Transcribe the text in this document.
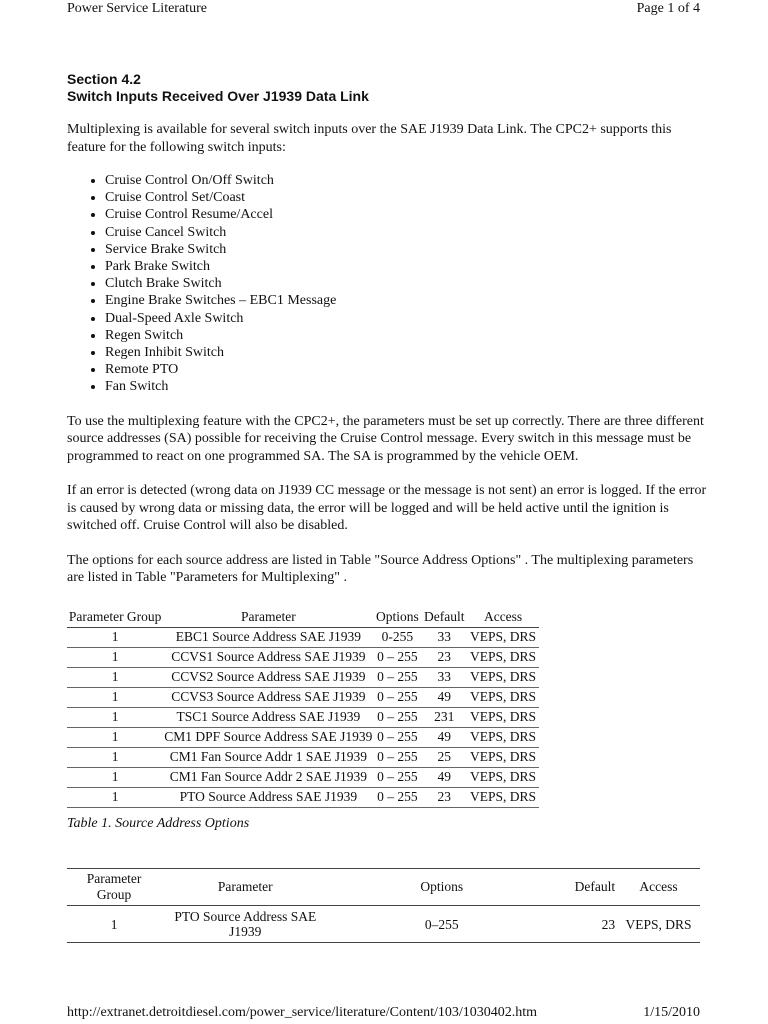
Power Service Literature	Page 1 of 4
Section 4.2
Switch Inputs Received Over J1939 Data Link

Multiplexing is available for several switch inputs over the SAE J1939 Data Link. The CPC2+ supports this feature for the following switch inputs:

• Cruise Control On/Off Switch
• Cruise Control Set/Coast
• Cruise Control Resume/Accel
• Cruise Cancel Switch
• Service Brake Switch
• Park Brake Switch
• Clutch Brake Switch
• Engine Brake Switches – EBC1 Message
• Dual-Speed Axle Switch
• Regen Switch
• Regen Inhibit Switch
• Remote PTO
• Fan Switch

To use the multiplexing feature with the CPC2+, the parameters must be set up correctly. There are three different source addresses (SA) possible for receiving the Cruise Control message. Every switch in this message must be programmed to react on one programmed SA. The SA is programmed by the vehicle OEM.

If an error is detected (wrong data on J1939 CC message or the message is not sent) an error is logged. If the error is caused by wrong data or missing data, the error will be logged and will be held active until the ignition is switched off. Cruise Control will also be disabled.

The options for each source address are listed in Table "Source Address Options" . The multiplexing parameters are listed in Table "Parameters for Multiplexing" .

Parameter Group	Parameter	Options	Default	Access
1	EBC1 Source Address SAE J1939	0-255	33	VEPS, DRS
1	CCVS1 Source Address SAE J1939	0 – 255	23	VEPS, DRS
1	CCVS2 Source Address SAE J1939	0 – 255	33	VEPS, DRS
1	CCVS3 Source Address SAE J1939	0 – 255	49	VEPS, DRS
1	TSC1 Source Address SAE J1939	0 – 255	231	VEPS, DRS
1	CM1 DPF Source Address SAE J1939	0 – 255	49	VEPS, DRS
1	CM1 Fan Source Addr 1 SAE J1939	0 – 255	25	VEPS, DRS
1	CM1 Fan Source Addr 2 SAE J1939	0 – 255	49	VEPS, DRS
1	PTO Source Address SAE J1939	0 – 255	23	VEPS, DRS
Table 1. Source Address Options
Parameter Group	Parameter	Options	Default	Access
1	PTO Source Address SAE J1939	0–255	23	VEPS, DRS
http://extranet.detroitdiesel.com/power_service/literature/Content/103/1030402.htm	1/15/2010
